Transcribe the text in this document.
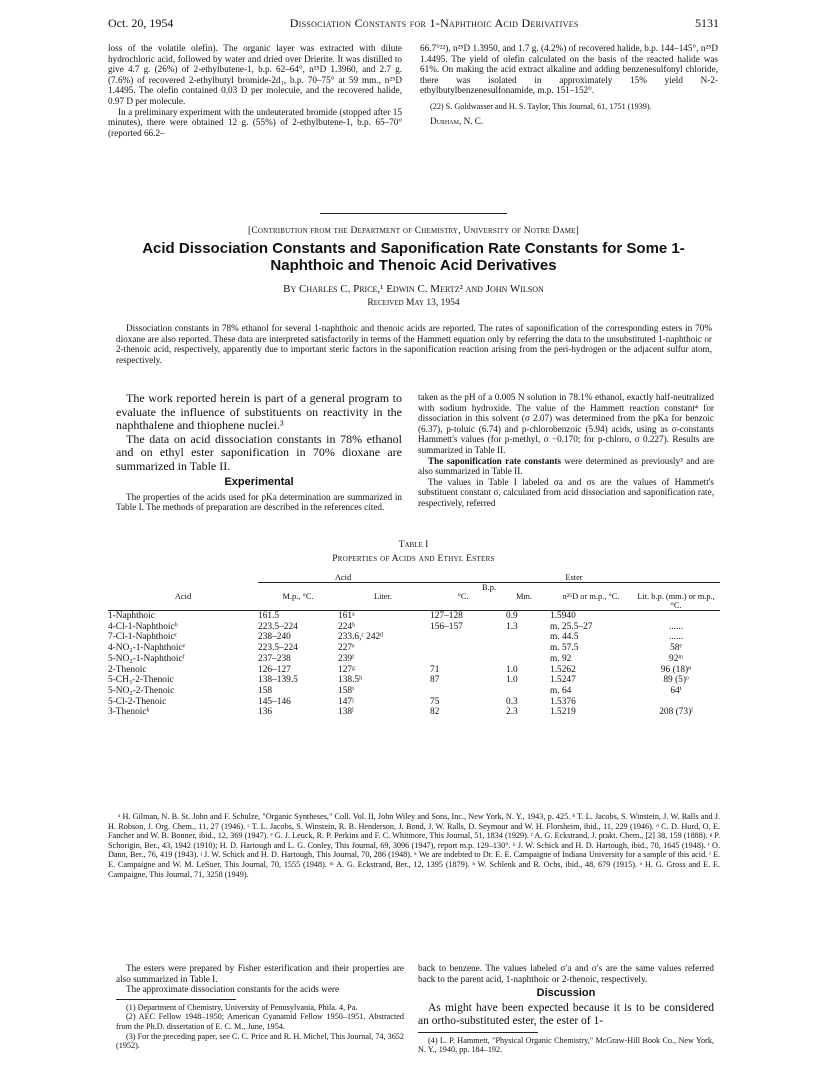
Oct. 20, 1954	Dissociation Constants for 1-Naphthoic Acid Derivatives	5131

loss of the volatile olefin). The organic layer was extracted with dilute hydrochloric acid, followed by water and dried over Drierite. It was distilled to give 4.7 g. (26%) of 2-ethylbutene-1, b.p. 62–64°, n²⁵D 1.3960, and 2.7 g. (7.6%) of recovered 2-ethylbutyl bromide-2d₁, b.p. 70–75° at 59 mm., n²⁵D 1.4495. The olefin contained 0.03 D per molecule, and the recovered halide, 0.97 D per molecule.

In a preliminary experiment with the undeuterated bromide (stopped after 15 minutes), there were obtained 12 g. (55%) of 2-ethylbutene-1, b.p. 65–70° (reported 66.2–

66.7°²²), n²⁵D 1.3950, and 1.7 g. (4.2%) of recovered halide, b.p. 144–145°, n²⁵D 1.4495. The yield of olefin calculated on the basis of the reacted halide was 61%. On making the acid extract alkaline and adding benzenesulfonyl chloride, there was isolated in approximately 15% yield N-2-ethylbutylbenzenesulfonamide, m.p. 151–152°.

(22) S. Goldwasser and H. S. Taylor, This Journal, 61, 1751 (1939).

Durham, N. C.

[Contribution from the Department of Chemistry, University of Notre Dame]
Acid Dissociation Constants and Saponification Rate Constants for Some 1-Naphthoic and Thenoic Acid Derivatives
By Charles C. Price,¹ Edwin C. Mertz² and John Wilson
Received May 13, 1954

Dissociation constants in 78% ethanol for several 1-naphthoic and thenoic acids are reported. The rates of saponification of the corresponding esters in 70% dioxane are also reported. These data are interpreted satisfactorily in terms of the Hammett equation only by referring the data to the unsubstituted 1-naphthoic or 2-thenoic acid, respectively, apparently due to important steric factors in the saponification reaction arising from the peri-hydrogen or the adjacent sulfur atom, respectively.

The work reported herein is part of a general program to evaluate the influence of substituents on reactivity in the naphthalene and thiophene nuclei.³

The data on acid dissociation constants in 78% ethanol and on ethyl ester saponification in 70% dioxane are summarized in Table II.

Experimental

The properties of the acids used for pKa determination are summarized in Table I. The methods of preparation are described in the references cited.

taken as the pH of a 0.005 N solution in 78.1% ethanol, exactly half-neutralized with sodium hydroxide. The value of the Hammett reaction constant⁴ for dissociation in this solvent (σ 2.07) was determined from the pKa for benzoic (6.37), p-toluic (6.74) and p-chlorobenzoic (5.94) acids, using as σ-constants Hammett's values (for p-methyl, σ −0.170; for p-chloro, σ 0.227). Results are summarized in Table II.

The saponification rate constants were determined as previously³ and are also summarized in Table II.

The values in Table I labeled σa and σs are the values of Hammett's substituent constant σ, calculated from acid dissociation and saponification rate, respectively, referred

Table I
Properties of Acids and Ethyl Esters
	Acid		Ester			
			B.p.			
Acid	M.p., °C.	Liter.	°C.	Mm.	n²⁵D or m.p., °C.	Lit. b.p. (mm.) or m.p., °C.
1-Naphthoic	161.5	161ᵃ	127–128	0.9	1.5940	
4-Cl-1-Naphthoicᵇ	223.5–224	224ᵇ	156–157	1.3	m. 25.5–27	......
7-Cl-1-Naphthoicᶜ	238–240	233.6,ᶜ 242ᵈ			m. 44.5	......
4-NO₂-1-Naphthoicᵉ	223.5–224	227ᵉ			m. 57.5	58ᵉ
5-NO₂-1-Naphthoicᶠ	237–238	239ᶠ			m. 92	92ᵐ
2-Thenoic	126–127	127ᵍ	71	1.0	1.5262	96 (18)ⁿ
5-CH₃-2-Thenoic	138–139.5	138.5ʰ	87	1.0	1.5247	89 (5)ᵒ
5-NO₂-2-Thenoic	158	158ⁱ			m. 64	64ⁱ
5-Cl-2-Thenoic	145–146	147ʲ	75	0.3	1.5376	
3-Thenoicᵏ	136	138ˡ	82	2.3	1.5219	208 (73)ˡ

ᵃ H. Gilman, N. B. St. John and F. Schulze, "Organic Syntheses," Coll. Vol. II, John Wiley and Sons, Inc., New York, N. Y., 1943, p. 425. ᵇ T. L. Jacobs, S. Winstein, J. W. Ralls and J. H. Robson, J. Org. Chem., 11, 27 (1946). ᶜ T. L. Jacobs, S. Winstein, R. B. Henderson, J. Bond, J. W. Ralls, D. Seymour and W. H. Florsheim, ibid., 11, 229 (1946). ᵈ C. D. Hurd, O. E. Fancher and W. B. Bonner, ibid., 12, 369 (1947). ᵉ G. J. Leuck, R. P. Perkins and F. C. Whitmore, This Journal, 51, 1834 (1929). ᶠ A. G. Eckstrand, J. prakt. Chem., [2] 38, 159 (1888). ᵍ P. Schorigin, Ber., 43, 1942 (1910); H. D. Hartough and L. G. Conley, This Journal, 69, 3096 (1947), report m.p. 129–130°. ʰ J. W. Schick and H. D. Hartough, ibid., 70, 1645 (1948). ⁱ O. Dann, Ber., 76, 419 (1943). ʲ J. W. Schick and H. D. Hartough, This Journal, 70, 286 (1948). ᵏ We are indebted to Dr. E. E. Campaigne of Indiana University for a sample of this acid. ˡ E. E. Campaigne and W. M. LeSuer, This Journal, 70, 1555 (1948). ᵐ A. G. Eckstrand, Ber., 12, 1395 (1879). ⁿ W. Schlenk and R. Ochs, ibid., 48, 679 (1915). ᵒ H. G. Gross and E. E. Campaigne, This Journal, 71, 3258 (1949).

The esters were prepared by Fisher esterification and their properties are also summarized in Table I.

The approximate dissociation constants for the acids were

(1) Department of Chemistry, University of Pennsylvania, Phila. 4, Pa.

(2) AEC Fellow 1948–1950; American Cyanamid Fellow 1950–1951. Abstracted from the Ph.D. dissertation of E. C. M., June, 1954.

(3) For the preceding paper, see C. C. Price and R. H. Michel, This Journal, 74, 3652 (1952).

back to benzene. The values labeled σ′a and σ′s are the same values referred back to the parent acid, 1-naphthoic or 2-thenoic, respectively.

Discussion

As might have been expected because it is to be considered an ortho-substituted ester, the ester of 1-

(4) L. P. Hammett, "Physical Organic Chemistry," McGraw-Hill Book Co., New York, N. Y., 1940, pp. 184–192.
